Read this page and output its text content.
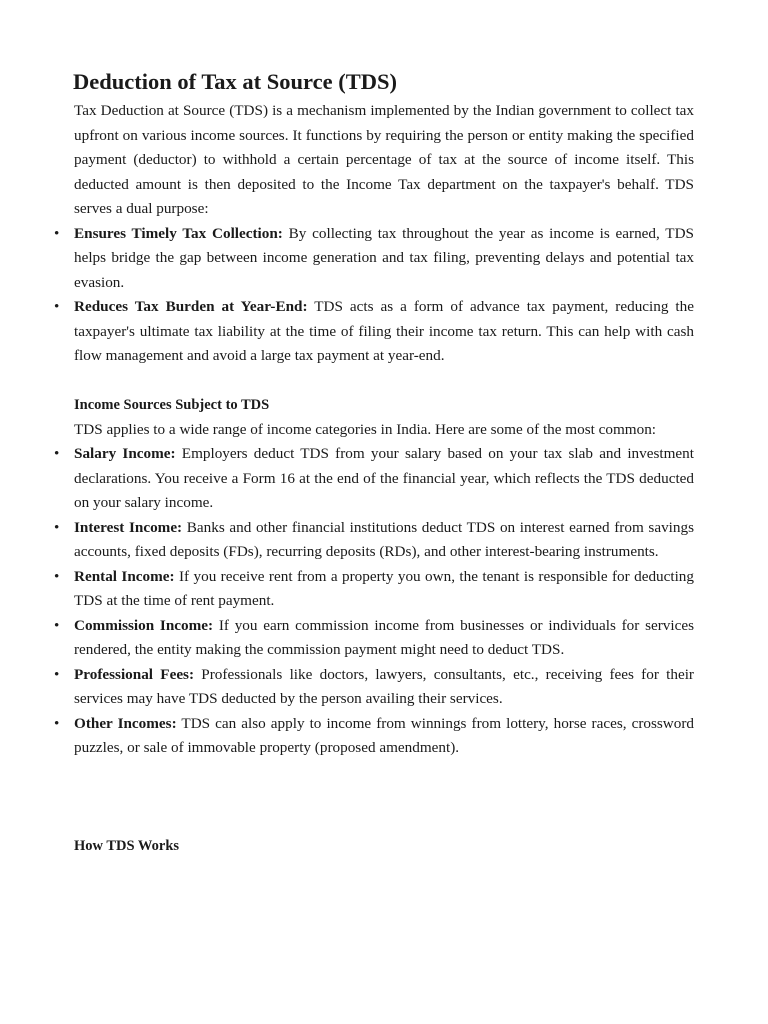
Deduction of Tax at Source (TDS)

Tax Deduction at Source (TDS) is a mechanism implemented by the Indian government to collect tax upfront on various income sources. It functions by requiring the person or entity making the specified payment (deductor) to withhold a certain percentage of tax at the source of income itself. This deducted amount is then deposited to the Income Tax department on the taxpayer's behalf. TDS serves a dual purpose:

• Ensures Timely Tax Collection: By collecting tax throughout the year as income is earned, TDS helps bridge the gap between income generation and tax filing, preventing delays and potential tax evasion.
• Reduces Tax Burden at Year-End: TDS acts as a form of advance tax payment, reducing the taxpayer's ultimate tax liability at the time of filing their income tax return. This can help with cash flow management and avoid a large tax payment at year-end.
Income Sources Subject to TDS

TDS applies to a wide range of income categories in India. Here are some of the most common:

• Salary Income: Employers deduct TDS from your salary based on your tax slab and investment declarations. You receive a Form 16 at the end of the financial year, which reflects the TDS deducted on your salary income.
• Interest Income: Banks and other financial institutions deduct TDS on interest earned from savings accounts, fixed deposits (FDs), recurring deposits (RDs), and other interest-bearing instruments.
• Rental Income: If you receive rent from a property you own, the tenant is responsible for deducting TDS at the time of rent payment.
• Commission Income: If you earn commission income from businesses or individuals for services rendered, the entity making the commission payment might need to deduct TDS.
• Professional Fees: Professionals like doctors, lawyers, consultants, etc., receiving fees for their services may have TDS deducted by the person availing their services.
• Other Incomes: TDS can also apply to income from winnings from lottery, horse races, crossword puzzles, or sale of immovable property (proposed amendment).
How TDS Works
